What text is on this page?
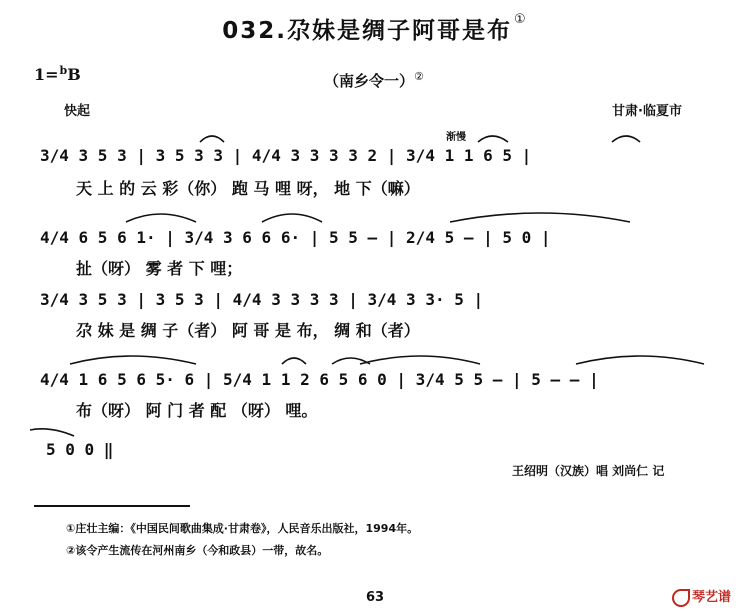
032.尕妹是绸子阿哥是布 ①
1=$^b$B	（南乡令一）②
快起	甘肃·临夏市
渐慢
3/4 3 5 3 | 3 5 3 3 | 4/4 3 3 3 3 2 | 3/4 1 1 6 5 |
天 上 的 云 彩（你） 跑 马 哩 呀， 地 下（嘛）
4/4 6 5 6 1· | 3/4 3 6 6 6· | 5 5 — | 2/4 5 — | 5 0 |
扯（呀） 雾 者 下 哩；
3/4 3 5 3 | 3 5 3 | 4/4 3 3 3 3 | 3/4 3 3· 5 |
尕 妹 是 绸 子（者） 阿 哥 是 布， 绸 和（者）
4/4 1 6 5 6 5· 6 | 5/4 1 1 2 6 5 6 0 | 3/4 5 5 — | 5 — — |
布（呀） 阿 门 者 配 （呀） 哩。
5 0 0 ‖
王绍明（汉族）唱 刘尚仁 记
①庄壮主编：《中国民间歌曲集成·甘肃卷》，人民音乐出版社，1994年。
②该令产生流传在河州南乡（今和政县）一带，故名。
63	琴艺谱
